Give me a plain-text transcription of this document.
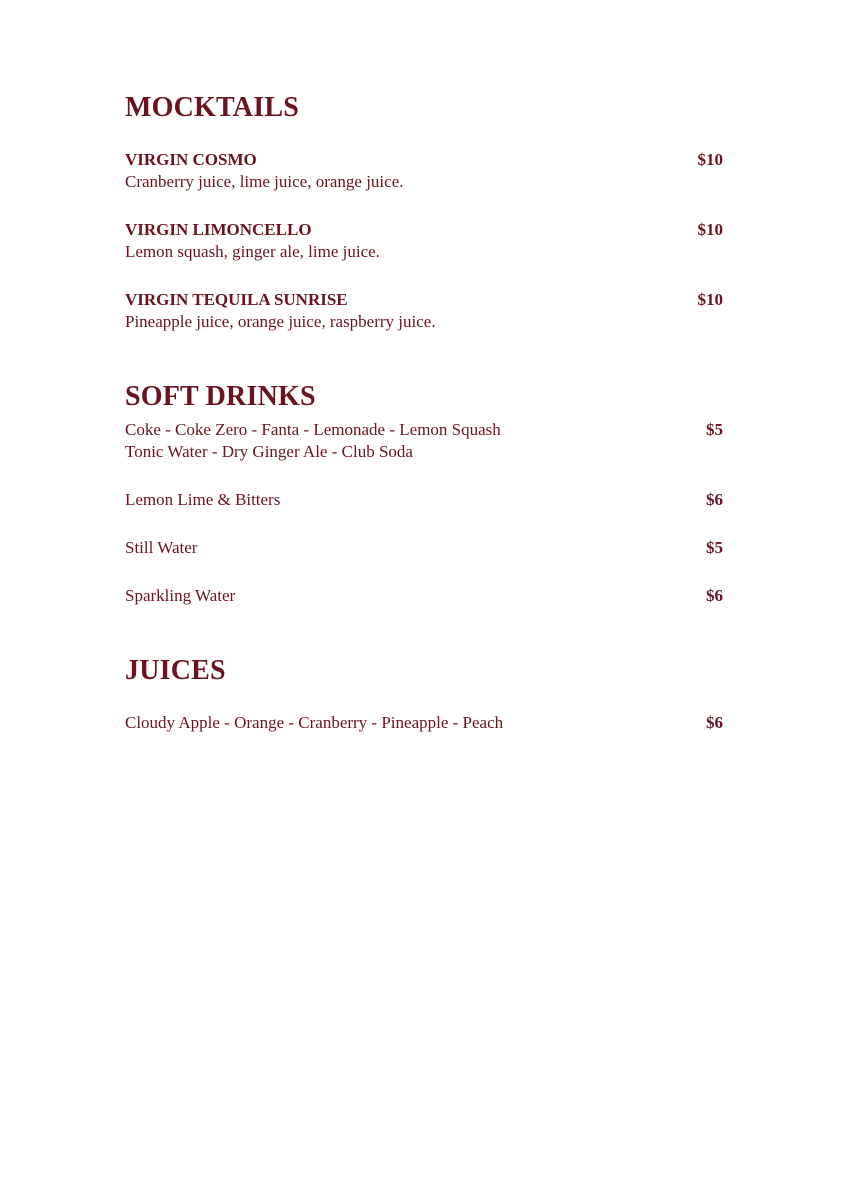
MOCKTAILS
VIRGIN COSMO
Cranberry juice, lime juice, orange juice.
$10
VIRGIN LIMONCELLO
Lemon squash, ginger ale, lime juice.
$10
VIRGIN TEQUILA SUNRISE
Pineapple juice, orange juice, raspberry juice.
$10
SOFT DRINKS
Coke - Coke Zero - Fanta - Lemonade - Lemon Squash
Tonic Water - Dry Ginger Ale - Club Soda
$5
Lemon Lime & Bitters	$6
Still Water	$5
Sparkling Water	$6
JUICES
Cloudy Apple - Orange - Cranberry - Pineapple - Peach	$6
